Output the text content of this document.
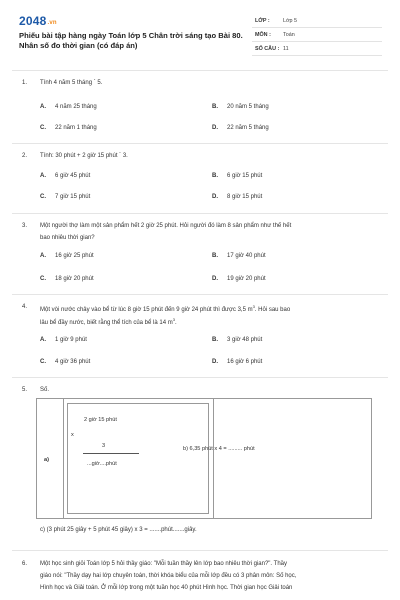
2048.vn
Phiếu bài tập hàng ngày Toán lớp 5 Chân trời sáng tạo Bài 80. Nhân số đo thời gian (có đáp án)
LỚP : Lớp 5
MÔN : Toán
SỐ CÂU : 11
1. Tính 4 năm 5 tháng ´ 5.
A. 4 năm 25 tháng	B. 20 năm 5 tháng
C. 22 năm 1 tháng	D. 22 năm 5 tháng
2. Tính: 30 phút + 2 giờ 15 phút ´ 3.
A. 6 giờ 45 phút	B. 6 giờ 15 phút
C. 7 giờ 15 phút	D. 8 giờ 15 phút
3. Một người thợ làm một sản phẩm hết 2 giờ 25 phút. Hỏi người đó làm 8 sản phẩm như thế hết
bao nhiêu thời gian?
A. 16 giờ 25 phút	B. 17 giờ 40 phút
C. 18 giờ 20 phút	D. 19 giờ 20 phút
4. Một vòi nước chảy vào bể từ lúc 8 giờ 15 phút đến 9 giờ 24 phút thì được 3,5 $m^3$. Hỏi sau bao
lâu bể đầy nước, biết rằng thể tích của bể là 14 $m^3$.
A. 1 giờ 9 phút	B. 3 giờ 48 phút
C. 4 giờ 36 phút	D. 16 giờ 6 phút
5. Số.
a)
2 giờ 15 phút
x
3
...giờ....phút
b) 6,35 phút x 4 = ......... phút
c) (3 phút 25 giây + 5 phút 45 giây) x 3 = .......phút.......giây.
6. Một học sinh giỏi Toán lớp 5 hỏi thầy giáo: "Mỗi tuần thầy lên lớp bao nhiêu thời gian?". Thầy
giáo nói: "Thầy dạy hai lớp chuyên toán, thời khóa biểu của mỗi lớp đều có 3 phân môn: Số học,
Hình học và Giải toán. Ở mỗi lớp trong một tuần học 40 phút Hình học. Thời gian học Giải toán
